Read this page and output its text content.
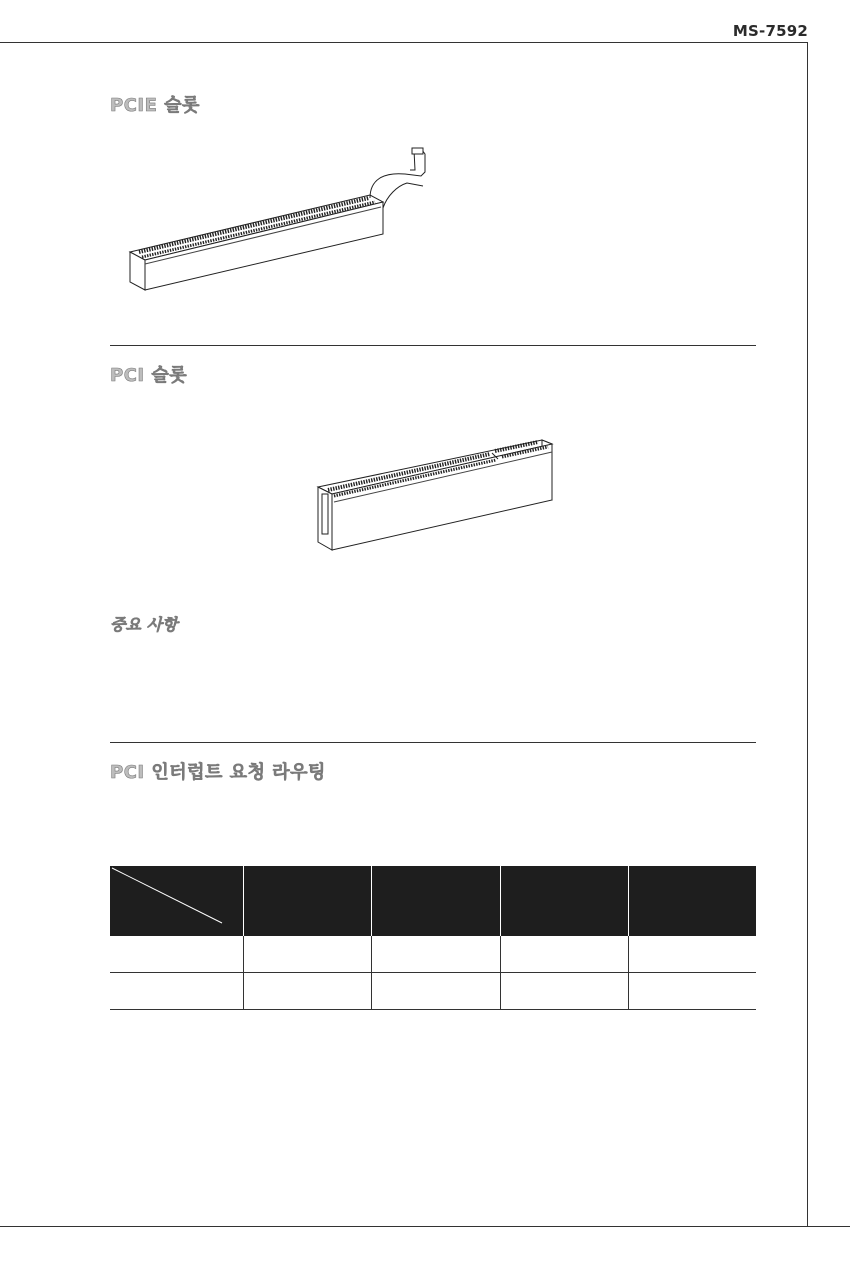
MS-7592
PCIE 슬롯
PCI 슬롯
중요 사항
PCI 인터럽트 요청 라우팅
